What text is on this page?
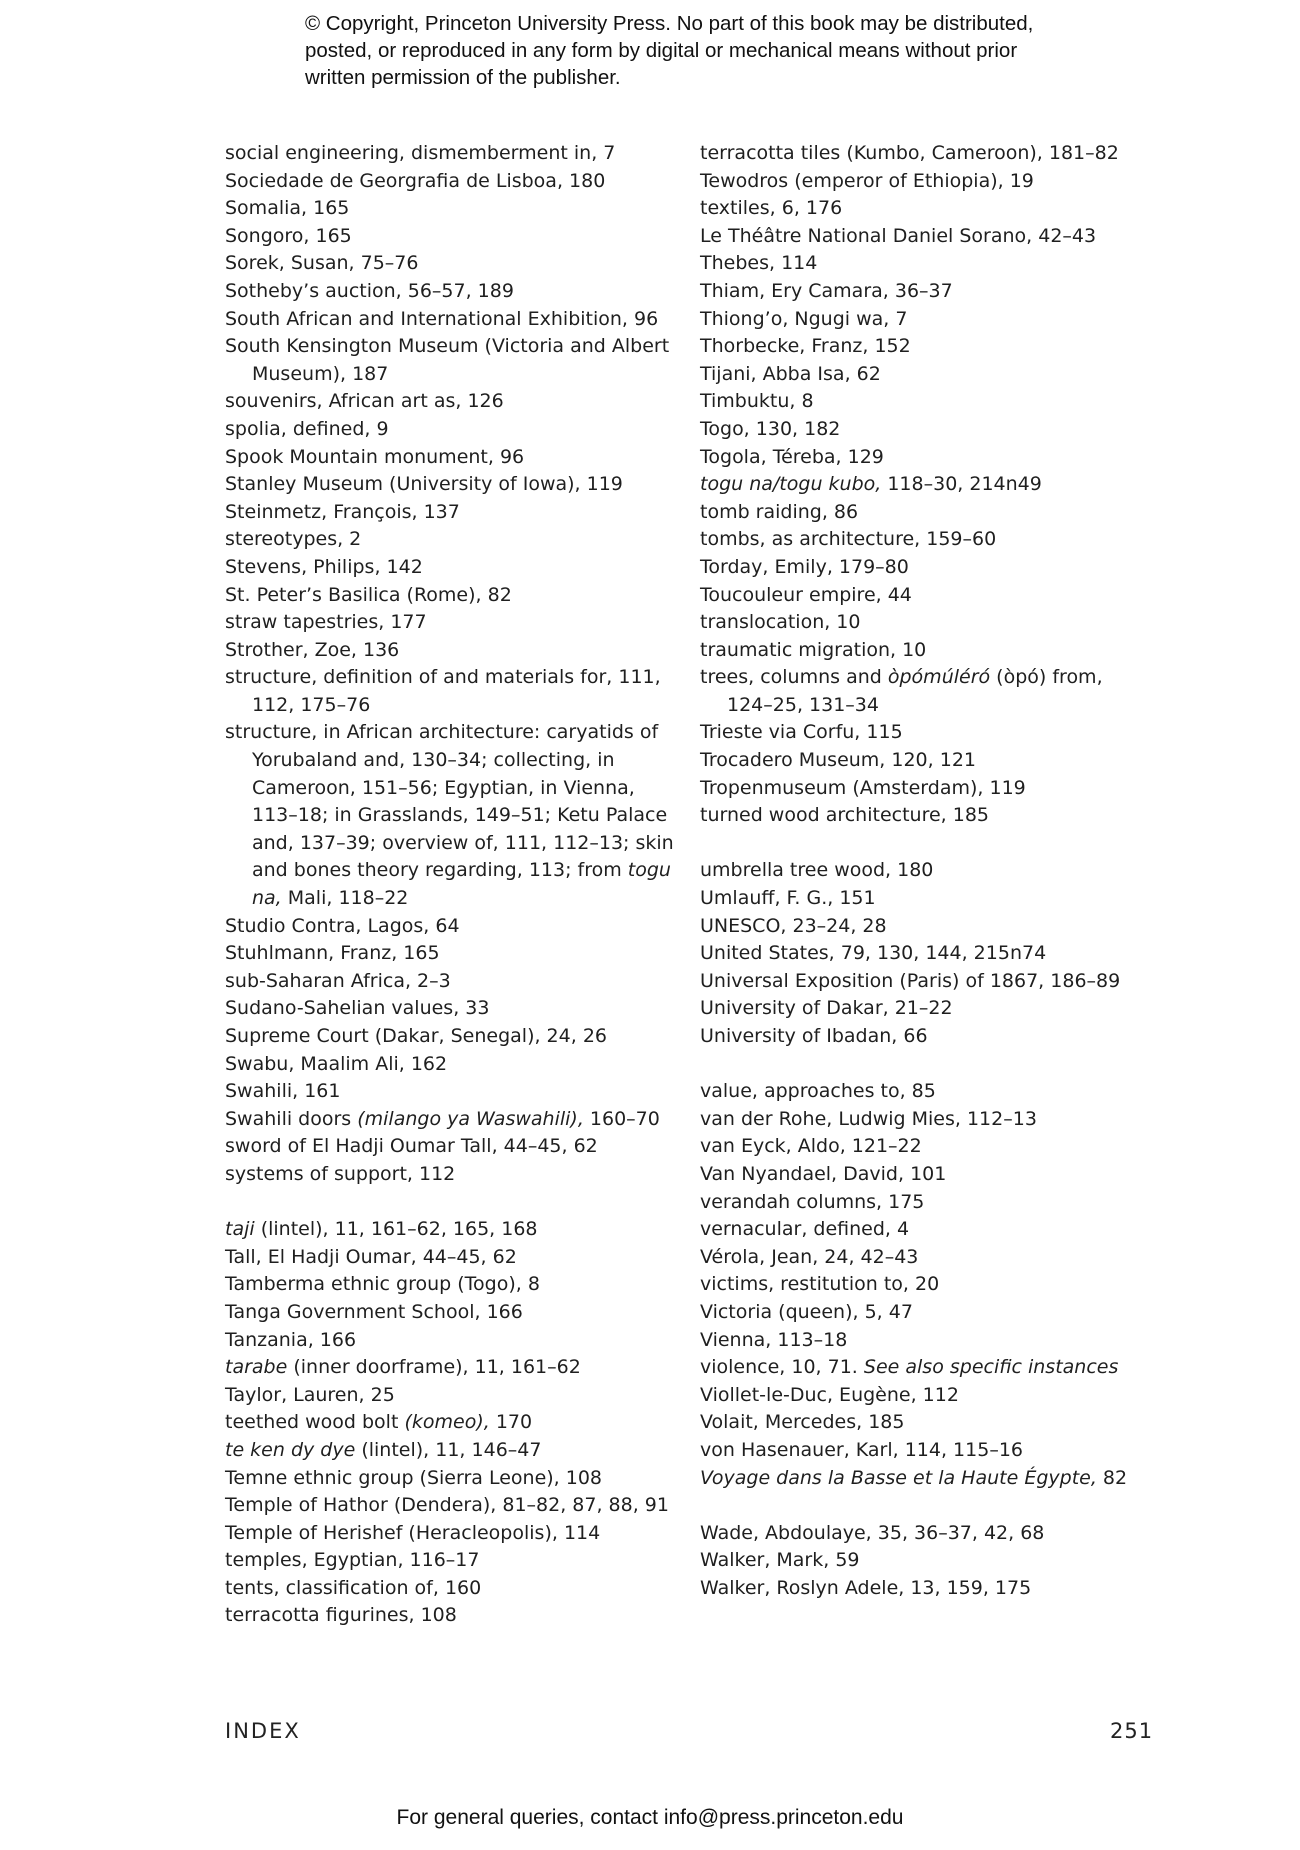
© Copyright, Princeton University Press. No part of this book may be distributed, posted, or reproduced in any form by digital or mechanical means without prior written permission of the publisher.
social engineering, dismemberment in, 7
Sociedade de Georgrafia de Lisboa, 180
Somalia, 165
Songoro, 165
Sorek, Susan, 75–76
Sotheby’s auction, 56–57, 189
South African and International Exhibition, 96
South Kensington Museum (Victoria and Albert Museum), 187
souvenirs, African art as, 126
spolia, defined, 9
Spook Mountain monument, 96
Stanley Museum (University of Iowa), 119
Steinmetz, François, 137
stereotypes, 2
Stevens, Philips, 142
St. Peter’s Basilica (Rome), 82
straw tapestries, 177
Strother, Zoe, 136
structure, definition of and materials for, 111, 112, 175–76
structure, in African architecture: caryatids of Yorubaland and, 130–34; collecting, in Cameroon, 151–56; Egyptian, in Vienna, 113–18; in Grasslands, 149–51; Ketu Palace and, 137–39; overview of, 111, 112–13; skin and bones theory regarding, 113; from togu na, Mali, 118–22
Studio Contra, Lagos, 64
Stuhlmann, Franz, 165
sub-Saharan Africa, 2–3
Sudano-Sahelian values, 33
Supreme Court (Dakar, Senegal), 24, 26
Swabu, Maalim Ali, 162
Swahili, 161
Swahili doors (milango ya Waswahili), 160–70
sword of El Hadji Oumar Tall, 44–45, 62
systems of support, 112
taji (lintel), 11, 161–62, 165, 168
Tall, El Hadji Oumar, 44–45, 62
Tamberma ethnic group (Togo), 8
Tanga Government School, 166
Tanzania, 166
tarabe (inner doorframe), 11, 161–62
Taylor, Lauren, 25
teethed wood bolt (komeo), 170
te ken dy dye (lintel), 11, 146–47
Temne ethnic group (Sierra Leone), 108
Temple of Hathor (Dendera), 81–82, 87, 88, 91
Temple of Herishef (Heracleopolis), 114
temples, Egyptian, 116–17
tents, classification of, 160
terracotta figurines, 108
terracotta tiles (Kumbo, Cameroon), 181–82
Tewodros (emperor of Ethiopia), 19
textiles, 6, 176
Le Théâtre National Daniel Sorano, 42–43
Thebes, 114
Thiam, Ery Camara, 36–37
Thiong’o, Ngugi wa, 7
Thorbecke, Franz, 152
Tijani, Abba Isa, 62
Timbuktu, 8
Togo, 130, 182
Togola, Téreba, 129
togu na/togu kubo, 118–30, 214n49
tomb raiding, 86
tombs, as architecture, 159–60
Torday, Emily, 179–80
Toucouleur empire, 44
translocation, 10
traumatic migration, 10
trees, columns and òpómúléró (òpó) from, 124–25, 131–34
Trieste via Corfu, 115
Trocadero Museum, 120, 121
Tropenmuseum (Amsterdam), 119
turned wood architecture, 185
umbrella tree wood, 180
Umlauff, F. G., 151
UNESCO, 23–24, 28
United States, 79, 130, 144, 215n74
Universal Exposition (Paris) of 1867, 186–89
University of Dakar, 21–22
University of Ibadan, 66
value, approaches to, 85
van der Rohe, Ludwig Mies, 112–13
van Eyck, Aldo, 121–22
Van Nyandael, David, 101
verandah columns, 175
vernacular, defined, 4
Vérola, Jean, 24, 42–43
victims, restitution to, 20
Victoria (queen), 5, 47
Vienna, 113–18
violence, 10, 71. See also specific instances
Viollet-le-Duc, Eugène, 112
Volait, Mercedes, 185
von Hasenauer, Karl, 114, 115–16
Voyage dans la Basse et la Haute Égypte, 82
Wade, Abdoulaye, 35, 36–37, 42, 68
Walker, Mark, 59
Walker, Roslyn Adele, 13, 159, 175
INDEX	251
For general queries, contact info@press.princeton.edu
